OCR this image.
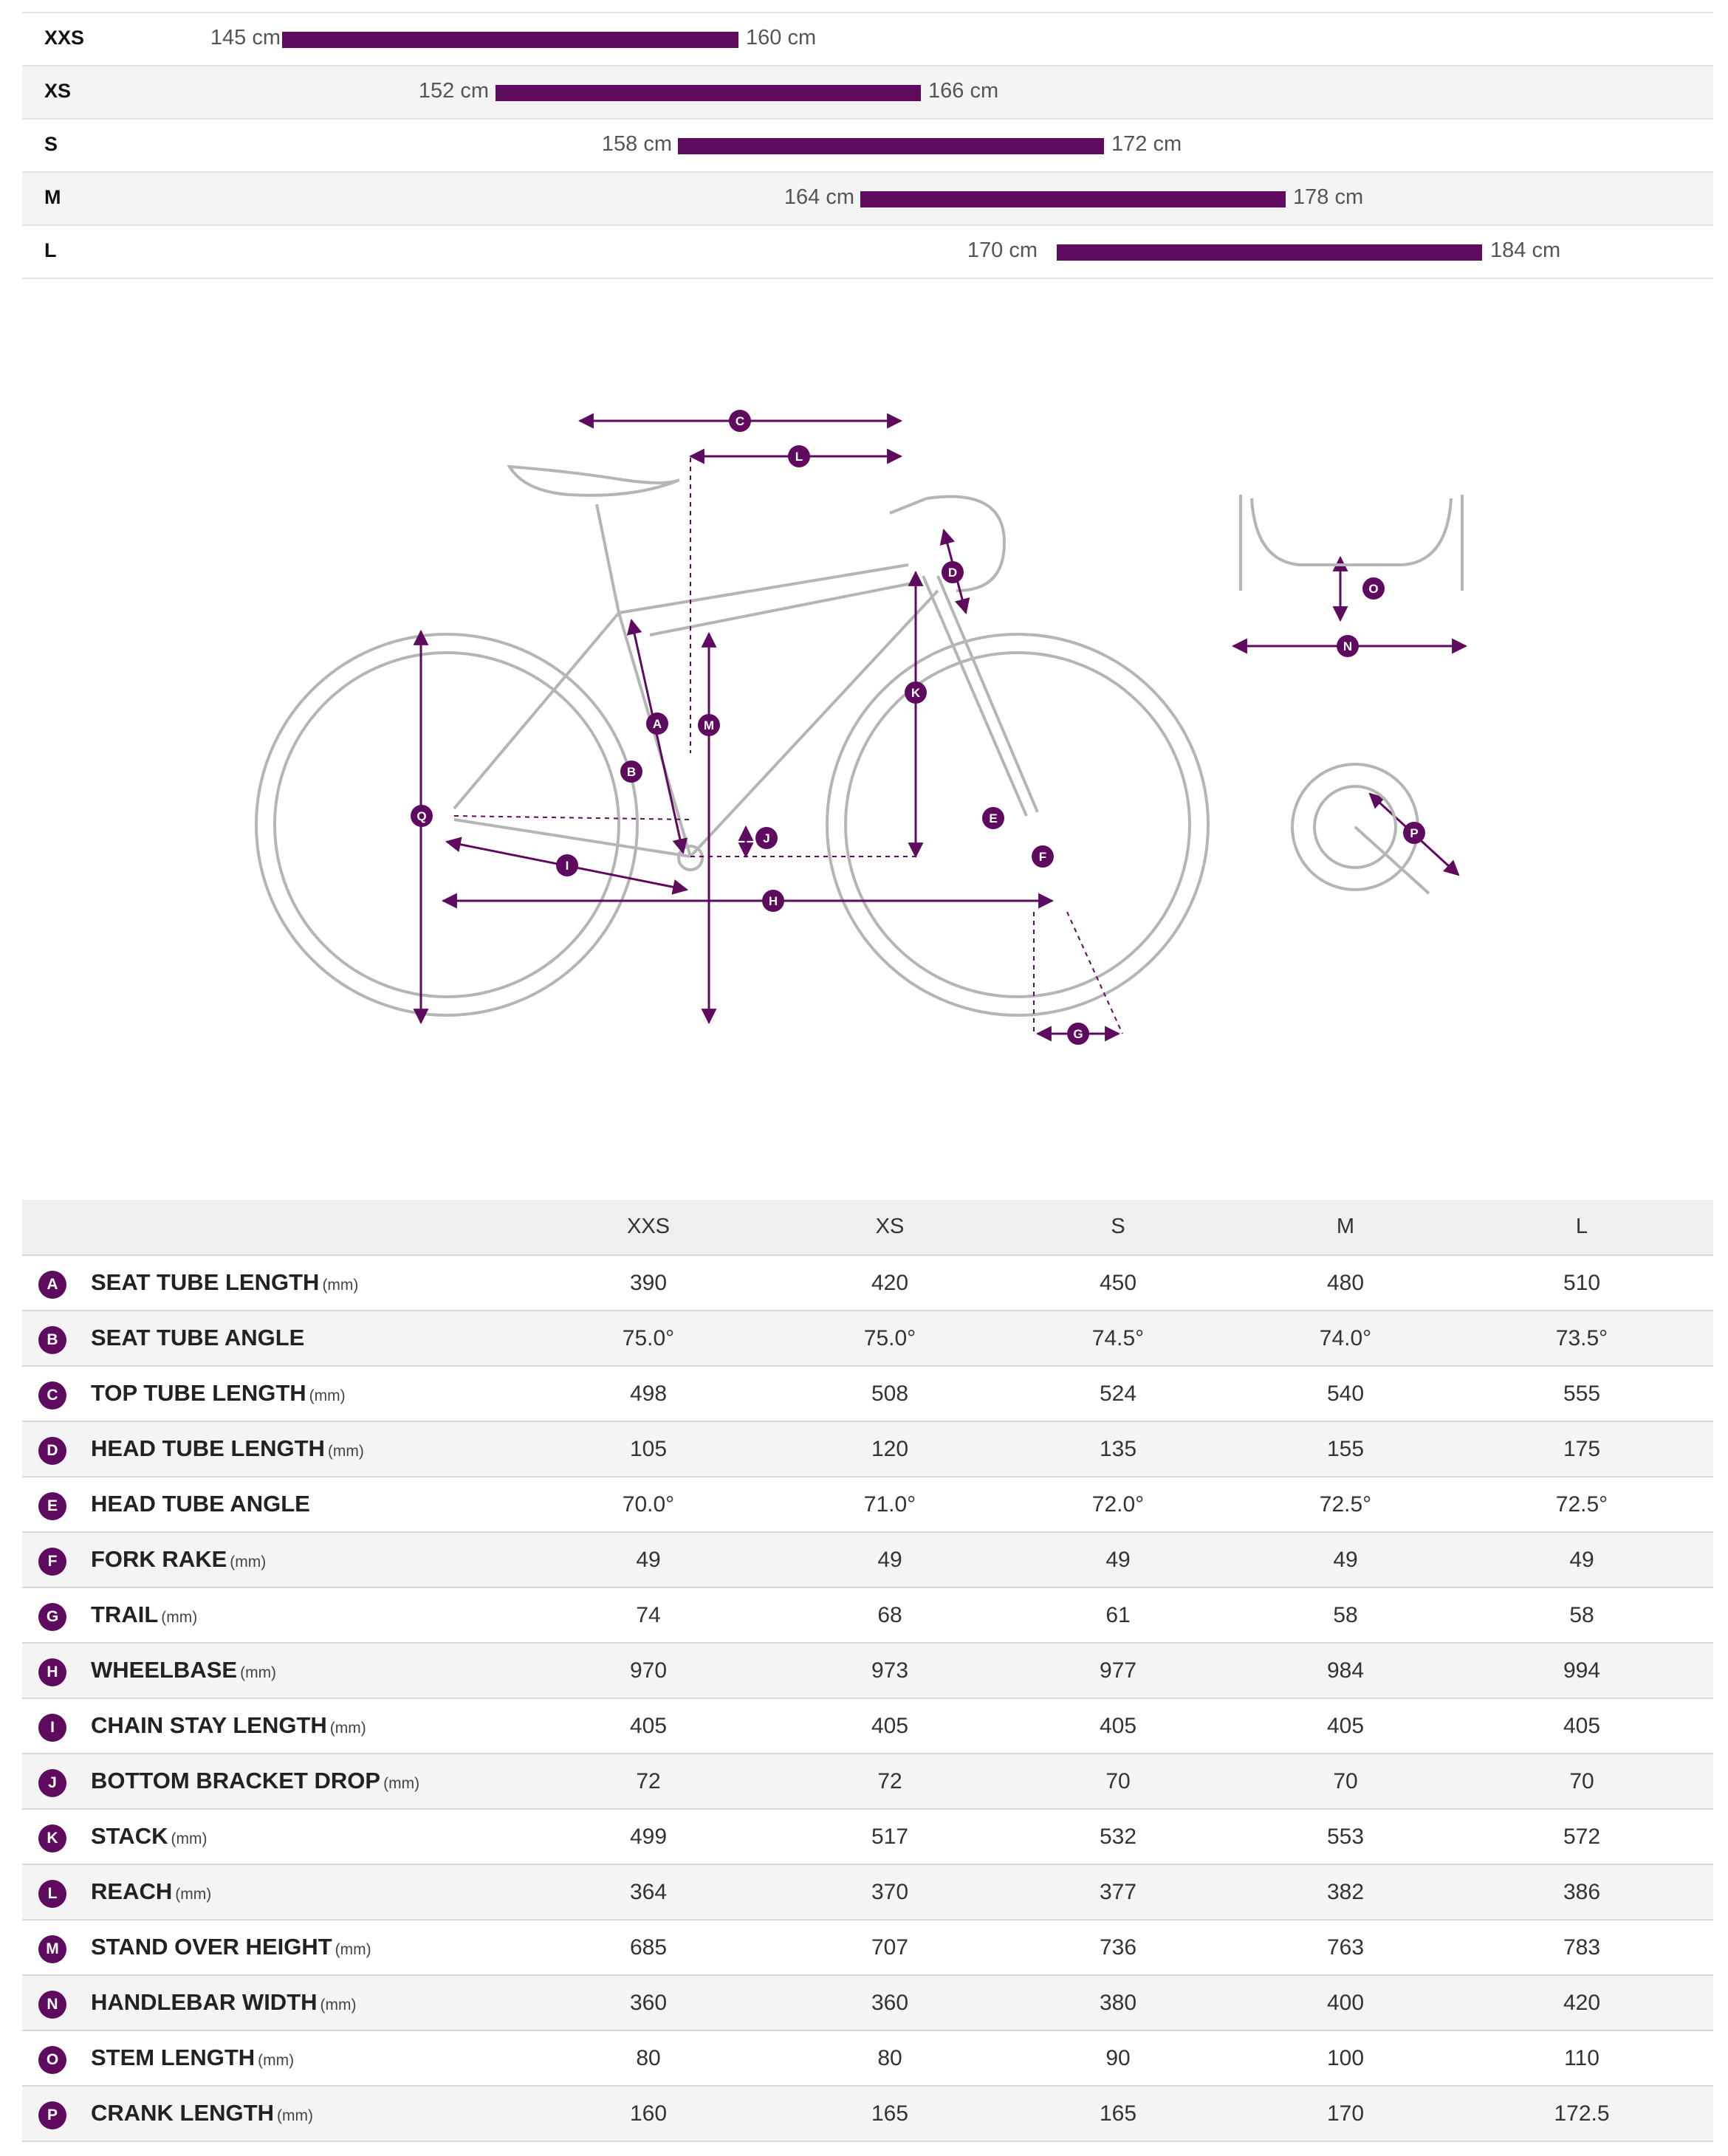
XXS	145 cm	160 cm
XS	152 cm	166 cm
S	158 cm	172 cm
M	164 cm	178 cm
L	170 cm	184 cm
C
L
Q
M
K
D
A
B
J
I
H
E
F
G
N
O
P
XXS	XS	S	M	L
A	SEAT TUBE LENGTH (mm)	390	420	450	480	510
B	SEAT TUBE ANGLE	75.0°	75.0°	74.5°	74.0°	73.5°
C	TOP TUBE LENGTH (mm)	498	508	524	540	555
D	HEAD TUBE LENGTH (mm)	105	120	135	155	175
E	HEAD TUBE ANGLE	70.0°	71.0°	72.0°	72.5°	72.5°
F	FORK RAKE (mm)	49	49	49	49	49
G	TRAIL (mm)	74	68	61	58	58
H	WHEELBASE (mm)	970	973	977	984	994
I	CHAIN STAY LENGTH (mm)	405	405	405	405	405
J	BOTTOM BRACKET DROP (mm)	72	72	70	70	70
K	STACK (mm)	499	517	532	553	572
L	REACH (mm)	364	370	377	382	386
M	STAND OVER HEIGHT (mm)	685	707	736	763	783
N	HANDLEBAR WIDTH (mm)	360	360	380	400	420
O	STEM LENGTH (mm)	80	80	90	100	110
P	CRANK LENGTH (mm)	160	165	165	170	172.5
